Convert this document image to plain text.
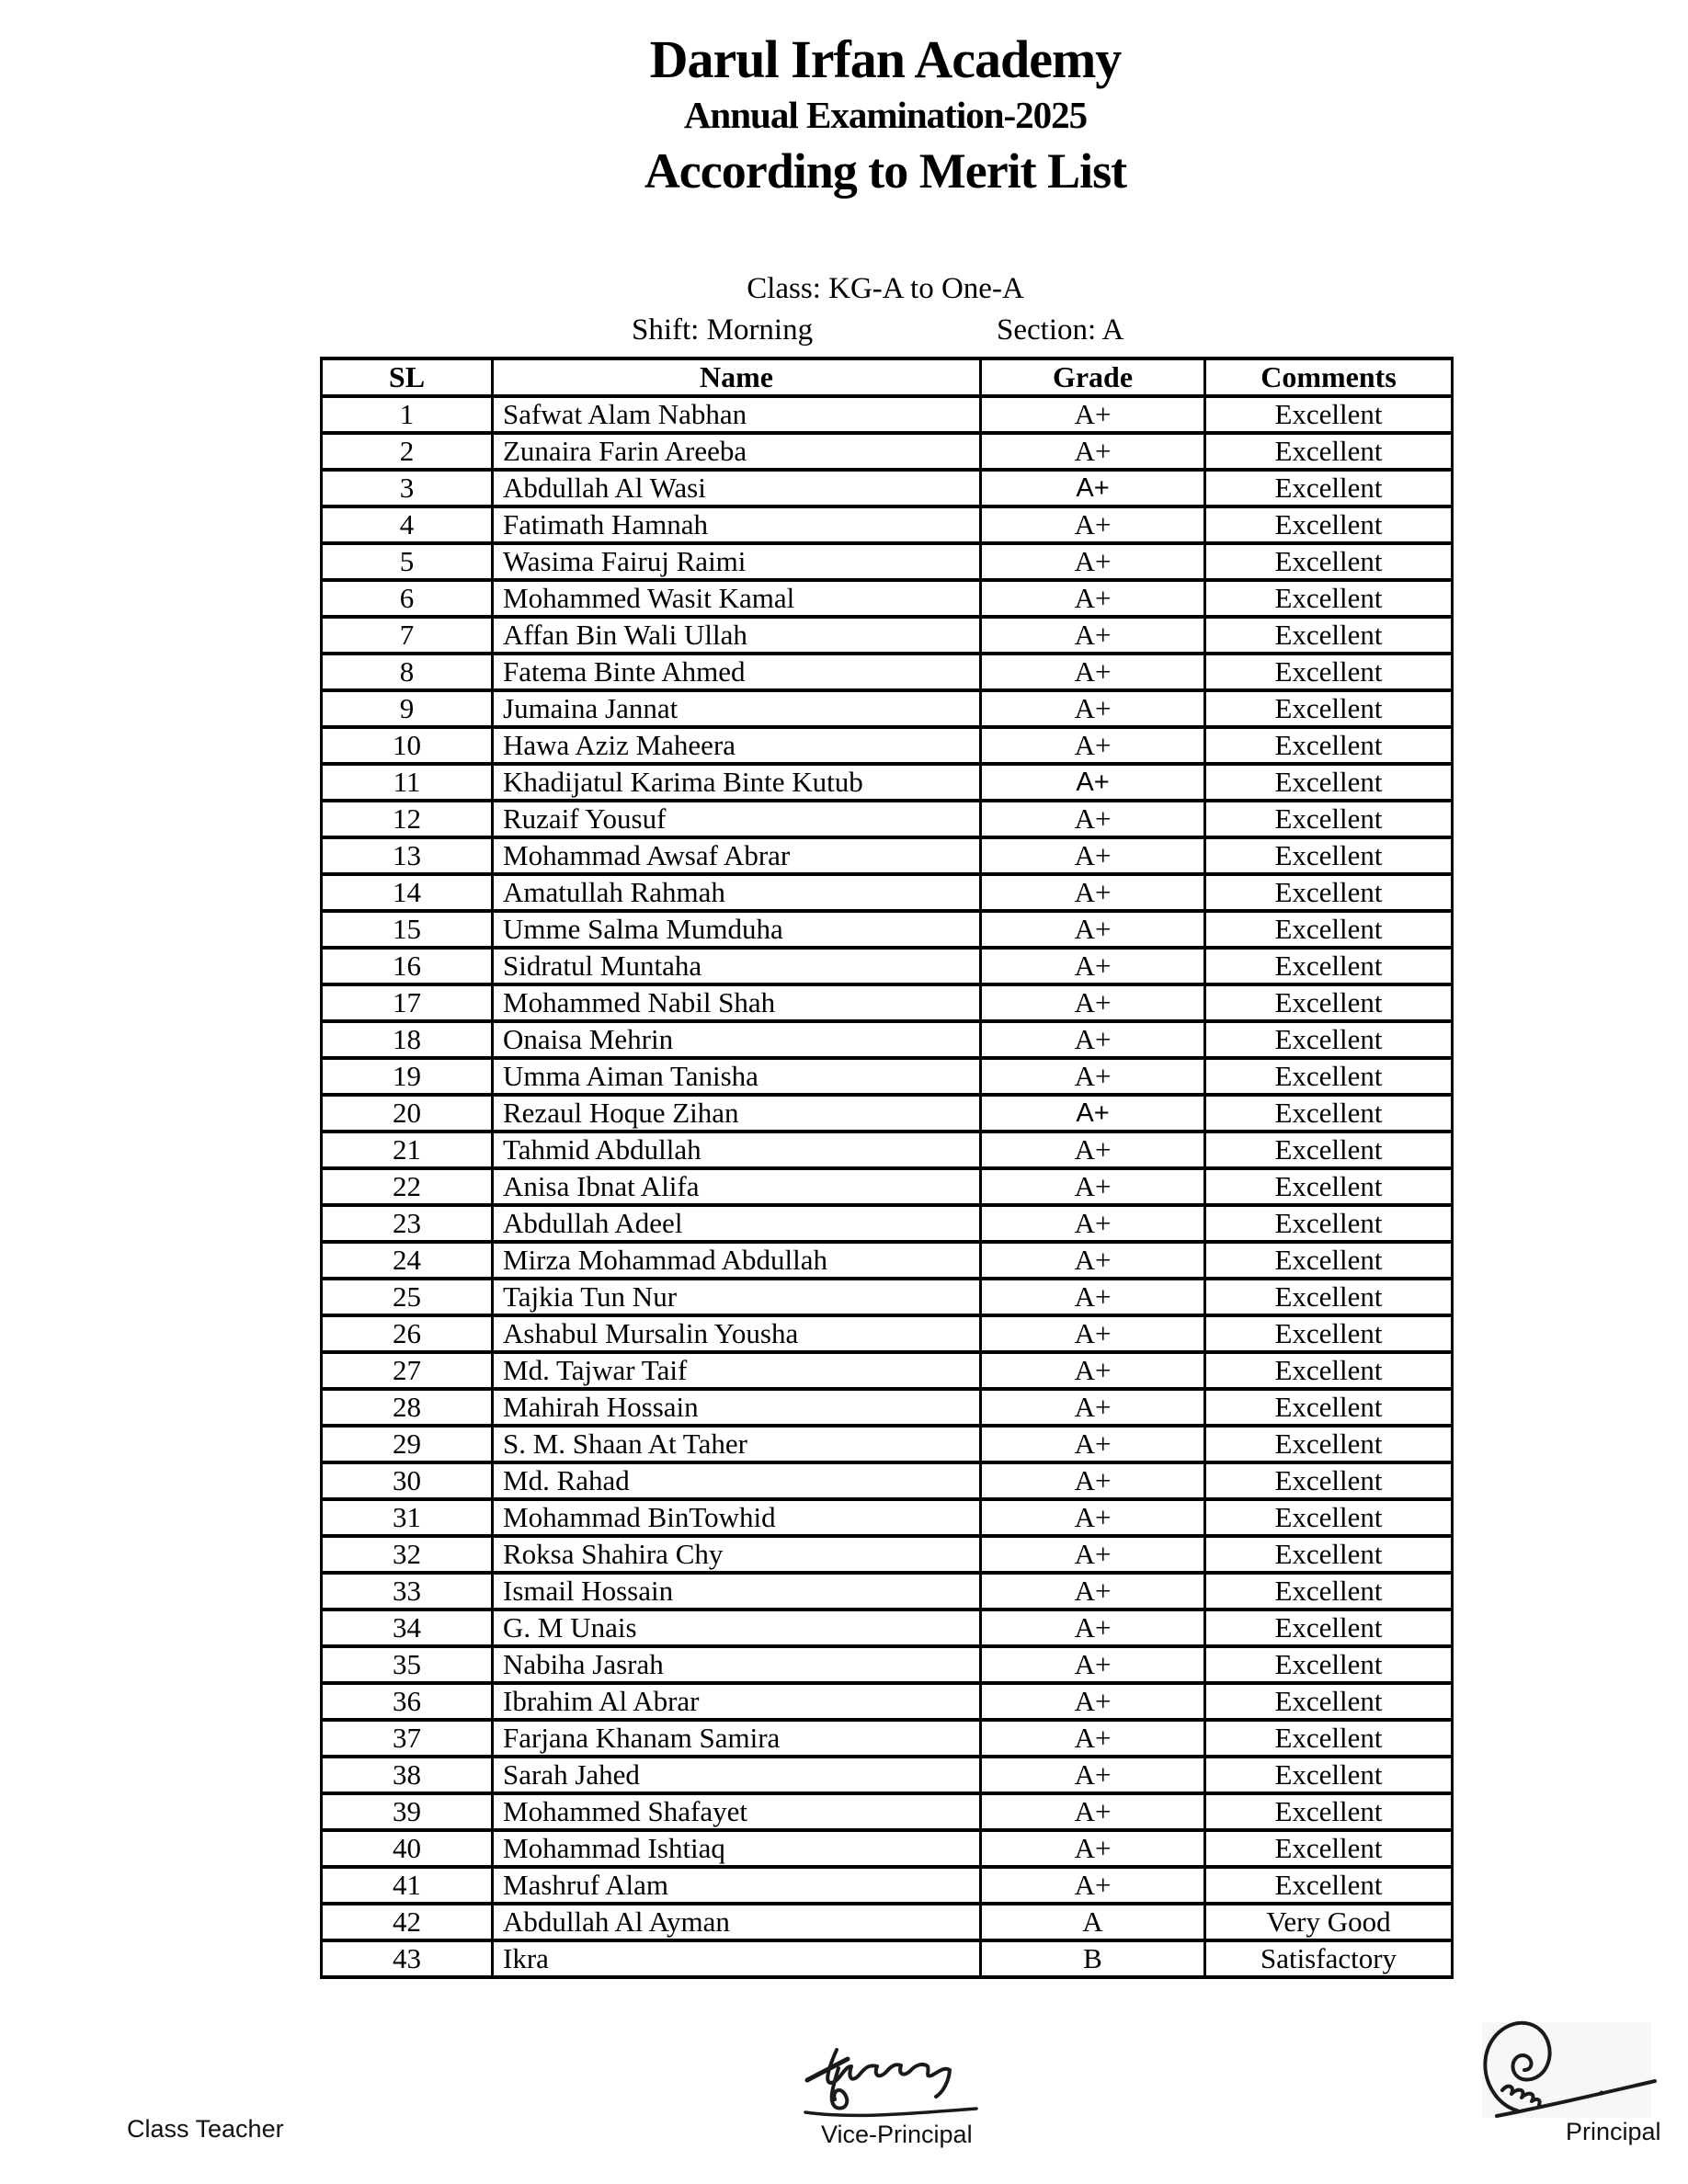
Darul Irfan Academy
Annual Examination-2025
According to Merit List
Class: KG-A to One-A
Shift: Morning	Section: A
SL	Name	Grade	Comments
1	Safwat Alam Nabhan	A+	Excellent
2	Zunaira Farin Areeba	A+	Excellent
3	Abdullah Al Wasi	A+	Excellent
4	Fatimath Hamnah	A+	Excellent
5	Wasima Fairuj Raimi	A+	Excellent
6	Mohammed Wasit Kamal	A+	Excellent
7	Affan Bin Wali Ullah	A+	Excellent
8	Fatema Binte Ahmed	A+	Excellent
9	Jumaina Jannat	A+	Excellent
10	Hawa Aziz Maheera	A+	Excellent
11	Khadijatul Karima Binte Kutub	A+	Excellent
12	Ruzaif Yousuf	A+	Excellent
13	Mohammad Awsaf Abrar	A+	Excellent
14	Amatullah Rahmah	A+	Excellent
15	Umme Salma Mumduha	A+	Excellent
16	Sidratul Muntaha	A+	Excellent
17	Mohammed Nabil Shah	A+	Excellent
18	Onaisa Mehrin	A+	Excellent
19	Umma Aiman Tanisha	A+	Excellent
20	Rezaul Hoque Zihan	A+	Excellent
21	Tahmid Abdullah	A+	Excellent
22	Anisa Ibnat Alifa	A+	Excellent
23	Abdullah Adeel	A+	Excellent
24	Mirza Mohammad Abdullah	A+	Excellent
25	Tajkia Tun Nur	A+	Excellent
26	Ashabul Mursalin Yousha	A+	Excellent
27	Md. Tajwar Taif	A+	Excellent
28	Mahirah Hossain	A+	Excellent
29	S. M. Shaan At Taher	A+	Excellent
30	Md. Rahad	A+	Excellent
31	Mohammad BinTowhid	A+	Excellent
32	Roksa Shahira Chy	A+	Excellent
33	Ismail Hossain	A+	Excellent
34	G. M Unais	A+	Excellent
35	Nabiha Jasrah	A+	Excellent
36	Ibrahim Al Abrar	A+	Excellent
37	Farjana Khanam Samira	A+	Excellent
38	Sarah Jahed	A+	Excellent
39	Mohammed Shafayet	A+	Excellent
40	Mohammad Ishtiaq	A+	Excellent
41	Mashruf Alam	A+	Excellent
42	Abdullah Al Ayman	A	Very Good
43	Ikra	B	Satisfactory
Class Teacher	Vice-Principal	Principal
